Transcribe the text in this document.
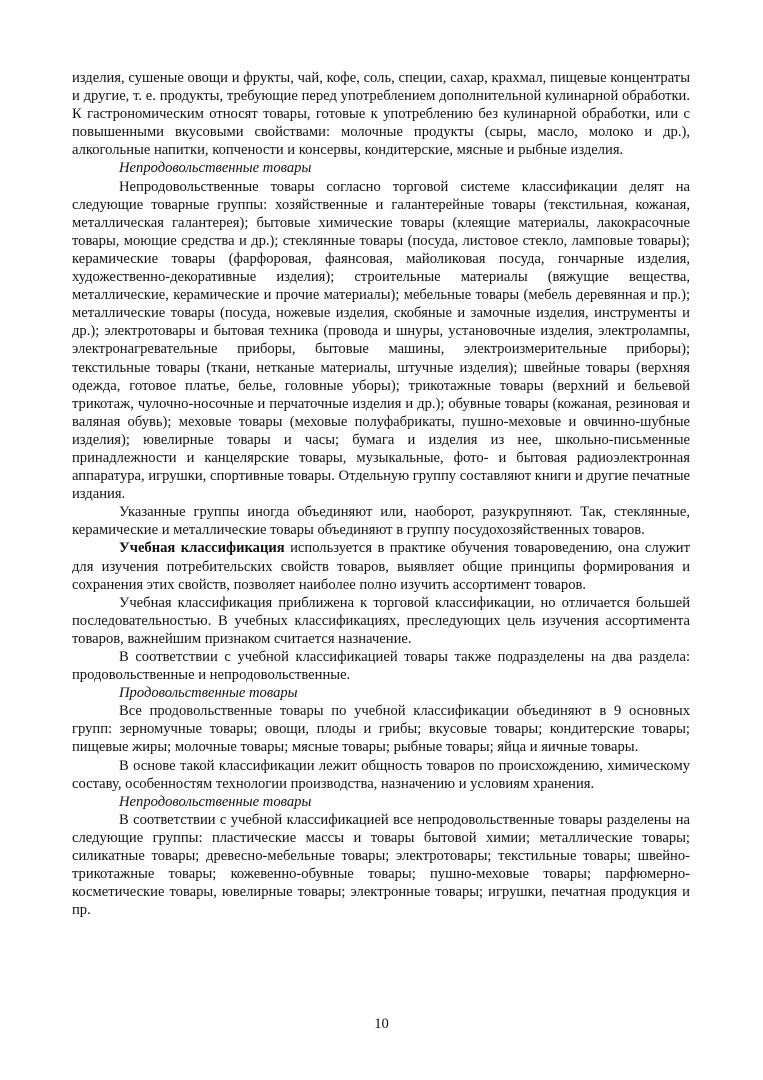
изделия, сушеные овощи и фрукты, чай, кофе, соль, специи, сахар, крахмал, пищевые концентраты и другие, т. е. продукты, требующие перед употреблением дополнительной кулинарной обработки. К гастрономическим относят товары, готовые к употреблению без кулинарной обработки, или с повышенными вкусовыми свойствами: молочные продукты (сыры, масло, молоко и др.), алкогольные напитки, копчености и консервы, кондитерские, мясные и рыбные изделия.

Непродовольственные товары

Непродовольственные товары согласно торговой системе классификации делят на следующие товарные группы: хозяйственные и галантерейные товары (текстильная, кожаная, металлическая галантерея); бытовые химические товары (клеящие материалы, лакокрасочные товары, моющие средства и др.); стеклянные товары (посуда, листовое стекло, ламповые товары); керамические товары (фарфоровая, фаянсовая, майоликовая посуда, гончарные изделия, художественно-декоративные изделия); строительные материалы (вяжущие вещества, металлические, керамические и прочие материалы); мебельные товары (мебель деревянная и пр.); металлические товары (посуда, ножевые изделия, скобяные и замочные изделия, инструменты и др.); электротовары и бытовая техника (провода и шнуры, установочные изделия, электролампы, электронагревательные приборы, бытовые машины, электроизмерительные приборы); текстильные товары (ткани, нетканые материалы, штучные изделия); швейные товары (верхняя одежда, готовое платье, белье, головные уборы); трикотажные товары (верхний и бельевой трикотаж, чулочно-носочные и перчаточные изделия и др.); обувные товары (кожаная, резиновая и валяная обувь); меховые товары (меховые полуфабрикаты, пушно-меховые и овчинно-шубные изделия); ювелирные товары и часы; бумага и изделия из нее, школьно-письменные принадлежности и канцелярские товары, музыкальные, фото- и бытовая радиоэлектронная аппаратура, игрушки, спортивные товары. Отдельную группу составляют книги и другие печатные издания.

Указанные группы иногда объединяют или, наоборот, разукрупняют. Так, стеклянные, керамические и металлические товары объединяют в группу посудохозяйственных товаров.

Учебная классификация используется в практике обучения товароведению, она служит для изучения потребительских свойств товаров, выявляет общие принципы формирования и сохранения этих свойств, позволяет наиболее полно изучить ассортимент товаров.

Учебная классификация приближена к торговой классификации, но отличается большей последовательностью. В учебных классификациях, преследующих цель изучения ассортимента товаров, важнейшим признаком считается назначение.

В соответствии с учебной классификацией товары также подразделены на два раздела: продовольственные и непродовольственные.

Продовольственные товары

Все продовольственные товары по учебной классификации объединяют в 9 основных групп: зерномучные товары; овощи, плоды и грибы; вкусовые товары; кондитерские товары; пищевые жиры; молочные товары; мясные товары; рыбные товары; яйца и яичные товары.

В основе такой классификации лежит общность товаров по происхождению, химическому составу, особенностям технологии производства, назначению и условиям хранения.

Непродовольственные товары

В соответствии с учебной классификацией все непродовольственные товары разделены на следующие группы: пластические массы и товары бытовой химии; металлические товары; силикатные товары; древесно-мебельные товары; электротовары; текстильные товары; швейно-трикотажные товары; кожевенно-обувные товары; пушно-меховые товары; парфюмерно-косметические товары, ювелирные товары; электронные товары; игрушки, печатная продукция и пр.

10
